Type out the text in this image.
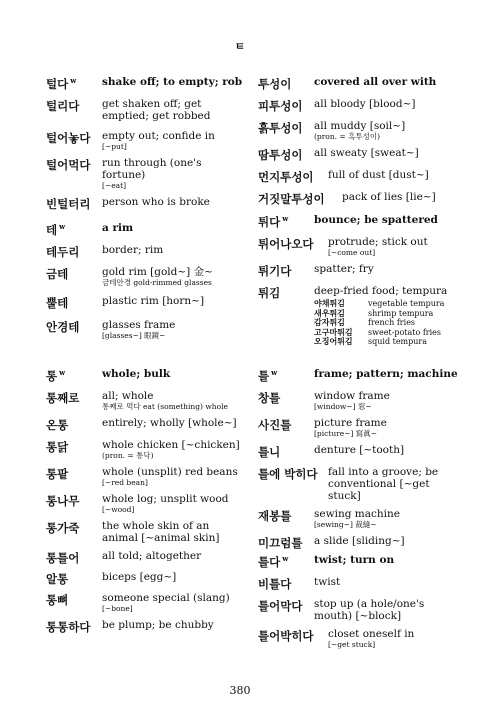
ㅌ
털다 $^w$	shake off; to empty; rob
털리다	get shaken off; get emptied; get robbed
털어놓다	empty out; confide in
[~put]
털어먹다	run through (one's fortune)
[~eat]
빈털터리	person who is broke
테 $^w$	a rim
테두리	border; rim
금테	gold rim [gold~] 金~
금테안경 gold-rimmed glasses
뿔테	plastic rim [horn~]
안경테	glasses frame
[glasses~] 眼鏡~
통 $^w$	whole; bulk
통째로	all; whole
통째로 먹다 eat (something) whole
온통	entirely; wholly [whole~]
통닭	whole chicken [~chicken]
(pron. = 통닥)
통팥	whole (unsplit) red beans
[~red bean]
통나무	whole log; unsplit wood
[~wood]
통가죽	the whole skin of an animal [~animal skin]
통틀어	all told; altogether
알통	biceps [egg~]
통뼈	someone special (slang)
[~bone]
통통하다	be plump; be chubby
투성이	covered all over with
피투성이	all bloody [blood~]
흙투성이	all muddy [soil~]
(pron. = 흑투성이)
땀투성이	all sweaty [sweat~]
먼지투성이	full of dust [dust~]
거짓말투성이	pack of lies [lie~]
튀다 $^w$	bounce; be spattered
튀어나오다	protrude; stick out
[~come out]
튀기다	spatter; fry
튀김	deep-fried food; tempura
야채튀김	vegetable tempura
새우튀김	shrimp tempura
감자튀김	french fries
고구마튀김	sweet-potato fries
오징어튀김	squid tempura
틀 $^w$	frame; pattern; machine
창틀	window frame
[window~] 窓~
사진틀	picture frame
[picture~] 寫眞~
틀니	denture [~tooth]
틀에 박히다 fall into a groove; be conventional [~get stuck]
재봉틀	sewing machine
[sewing~] 裁縫~
미끄럼틀	a slide [sliding~]
틀다 $^w$	twist; turn on
비틀다	twist
틀어막다	stop up (a hole/one's mouth) [~block]
틀어박히다	closet oneself in
[~get stuck]
380
